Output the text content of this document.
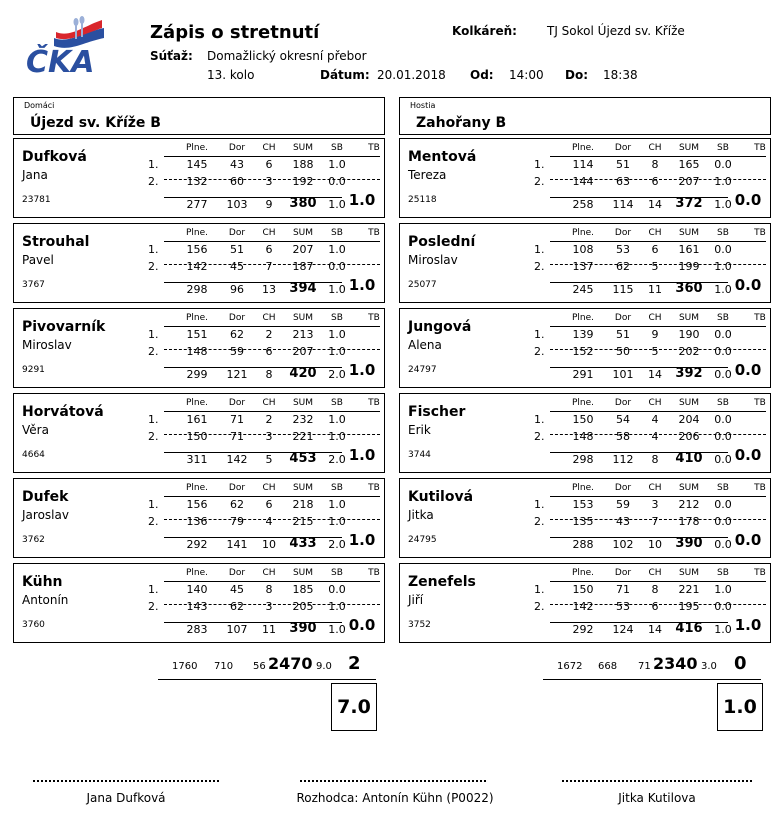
ČKA
Zápis o stretnutí	Kolkáreň:	TJ Sokol Újezd sv. Kříže
Súťaž: Domažlický okresní přebor
13. kolo	Dátum: 20.01.2018 Od: 14:00 Do: 18:38
Domáci
Újezd sv. Kříže B
Hostia
Zahořany B
Dufková
Jana
23781
Plne. Dor CH SUM SB	TB
1.	145 43 6 188 1.0
2.	132 60 3 192 0.0
277 103 9 380 1.0 1.0
Strouhal
Pavel
3767
Plne. Dor CH SUM SB	TB
1.	156 51 6 207 1.0
2.	142 45 7 187 0.0
298 96 13 394 1.0 1.0
Pivovarník
Miroslav
9291
Plne. Dor CH SUM SB	TB
1.	151 62 2 213 1.0
2.	148 59 6 207 1.0
299 121 8 420 2.0 1.0
Horvátová
Věra
4664
Plne. Dor CH SUM SB	TB
1.	161 71 2 232 1.0
2.	150 71 3 221 1.0
311 142 5 453 2.0 1.0
Dufek
Jaroslav
3762
Plne. Dor CH SUM SB	TB
1.	156 62 6 218 1.0
2.	136 79 4 215 1.0
292 141 10 433 2.0 1.0
Kühn
Antonín
3760
Plne. Dor CH SUM SB	TB
1.	140 45 8 185 0.0
2.	143 62 3 205 1.0
283 107 11 390 1.0 0.0
Mentová
Tereza
25118
Plne. Dor CH SUM SB	TB
1.	114 51 8 165 0.0
2.	144 63 6 207 1.0
258 114 14 372 1.0 0.0
Poslední
Miroslav
25077
Plne. Dor CH SUM SB	TB
1.	108 53 6 161 0.0
2.	137 62 5 199 1.0
245 115 11 360 1.0 0.0
Jungová
Alena
24797
Plne. Dor CH SUM SB	TB
1.	139 51 9 190 0.0
2.	152 50 5 202 0.0
291 101 14 392 0.0 0.0
Fischer
Erik
3744
Plne. Dor CH SUM SB	TB
1.	150 54 4 204 0.0
2.	148 58 4 206 0.0
298 112 8 410 0.0 0.0
Kutilová
Jitka
24795
Plne. Dor CH SUM SB	TB
1.	153 59 3 212 0.0
2.	135 43 7 178 0.0
288 102 10 390 0.0 0.0
Zenefels
Jiří
3752
Plne. Dor CH SUM SB	TB
1.	150 71 8 221 1.0
2.	142 53 6 195 0.0
292 124 14 416 1.0 1.0
1760 710 56 2470 9.0 2
7.0
1672 668 71 2340 3.0 0
1.0
Jana Dufková	Rozhodca: Antonín Kühn (P0022)	Jitka Kutilova
